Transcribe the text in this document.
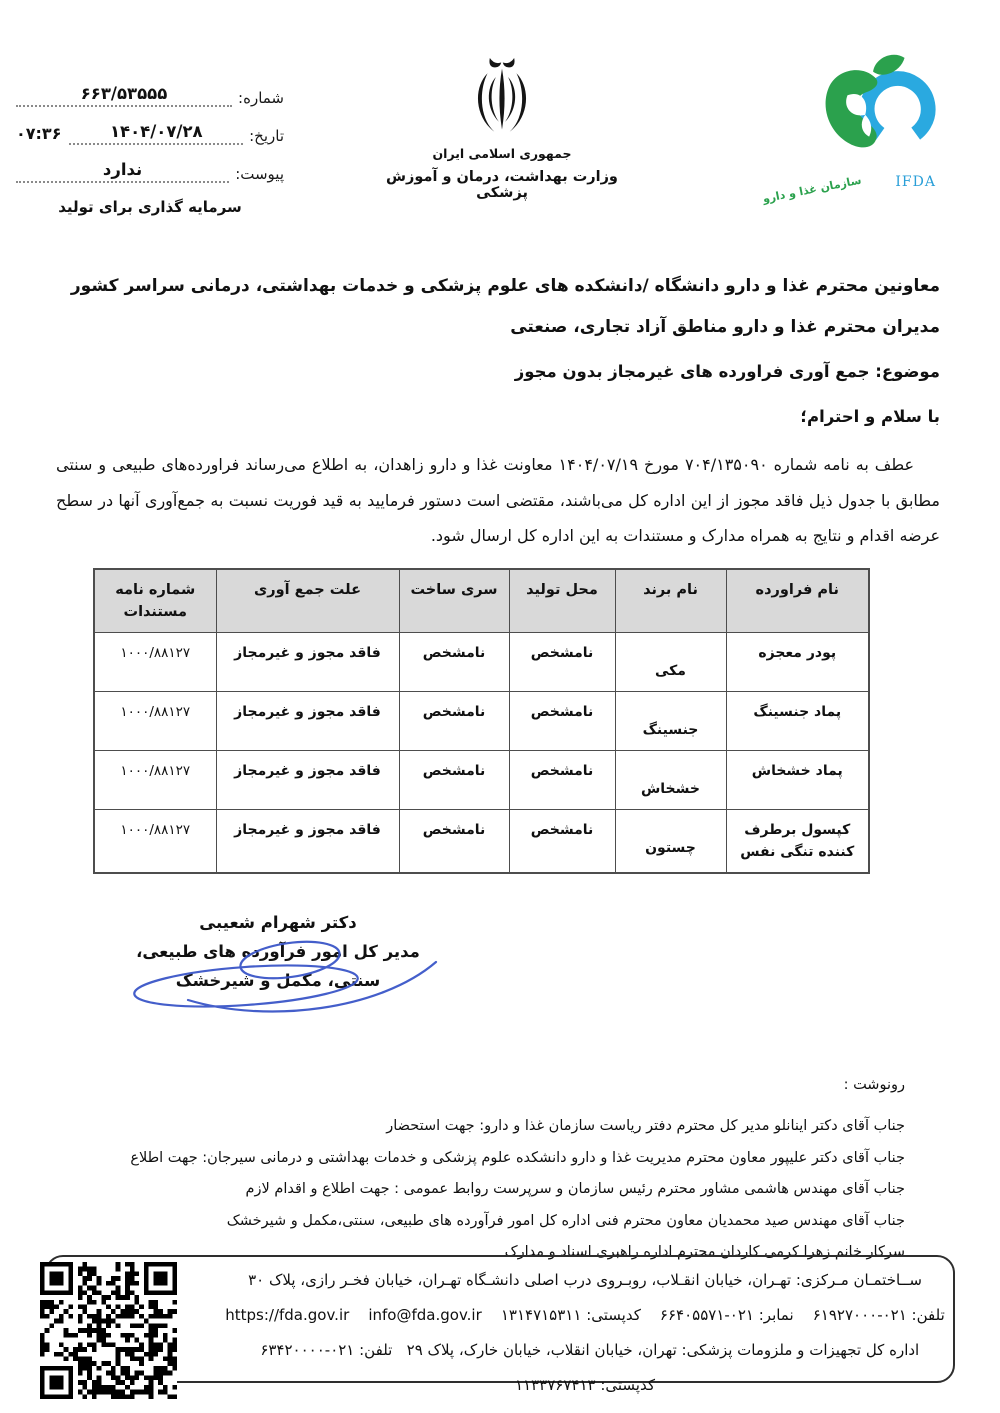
شماره:
۶۶۳/۵۳۵۵۵
تاریخ:
۱۴۰۴/۰۷/۲۸
۰۷:۳۶
پیوست:
ندارد
سرمایه گذاری برای تولید
جمهوری اسلامی ایران
وزارت بهداشت، درمان و آموزش پزشکی
IFDA
سازمان غذا و دارو
معاونین محترم غذا و دارو دانشگاه /دانشکده های علوم پزشکی و خدمات بهداشتی، درمانی سراسر کشور
مدیران محترم غذا و دارو مناطق آزاد تجاری، صنعتی
موضوع: جمع آوری فراورده های غیرمجاز بدون مجوز
با سلام و احترام؛
عطف به نامه شماره ۷۰۴/۱۳۵۰۹۰ مورخ ۱۴۰۴/۰۷/۱۹ معاونت غذا و دارو زاهدان، به اطلاع می‌رساند فراورده‌های طبیعی و سنتی مطابق با جدول ذیل فاقد مجوز از این اداره کل می‌باشند، مقتضی است دستور فرمایید به قید فوریت نسبت به جمع‌آوری آنها در سطح عرضه اقدام و نتایج به همراه مدارک و مستندات به این اداره کل ارسال شود.
نام فراورده	نام برند	محل تولید	سری ساخت	علت جمع آوری	شماره نامه مستندات
پودر معجزه	مکی	نامشخص	نامشخص	فاقد مجوز و غیرمجاز	۱۰۰۰/۸۸۱۲۷
پماد جنسینگ	جنسینگ	نامشخص	نامشخص	فاقد مجوز و غیرمجاز	۱۰۰۰/۸۸۱۲۷
پماد خشخاش	خشخاش	نامشخص	نامشخص	فاقد مجوز و غیرمجاز	۱۰۰۰/۸۸۱۲۷
کپسول برطرف کننده تنگی نفس	چستون	نامشخص	نامشخص	فاقد مجوز و غیرمجاز	۱۰۰۰/۸۸۱۲۷
دکتر شهرام شعیبی
مدیر کل امور فرآورده های طبیعی،
سنتی، مکمل و شیرخشک
رونوشت :
جناب آقای دکتر اینانلو مدیر کل محترم دفتر ریاست سازمان غذا و دارو: جهت استحضار
جناب آقای دکتر علیپور معاون محترم مدیریت غذا و دارو دانشکده علوم پزشکی و خدمات بهداشتی و درمانی سیرجان: جهت اطلاع
جناب آقای مهندس هاشمی مشاور محترم رئیس سازمان و سرپرست روابط عمومی : جهت اطلاع و اقدام لازم
جناب آقای مهندس صید محمدیان معاون محترم فنی اداره کل امور فرآورده های طبیعی، سنتی،مکمل و شیرخشک
سرکار خانم زهرا کرمی کاردان محترم اداره راهبری اسناد و مدارک
ســاختمـان مـرکزی: تهـران، خیابان انقـلاب، روبـروی درب اصلی دانشـگاه تهـران، خیابان فخـر رازی، پلاک ۳۰
تلفن: ۰۲۱-۶۱۹۲۷۰۰۰    نمابر: ۰۲۱-۶۶۴۰۵۵۷۱    کدپستی: ۱۳۱۴۷۱۵۳۱۱    https://fda.gov.ir    info@fda.gov.ir
اداره کل تجهیزات و ملزومات پزشکی: تهران، خیابان انقلاب، خیابان خارک، پلاک ۲۹   تلفن: ۰۲۱-۶۳۴۲۰۰۰۰   کدپستی: ۱۱۳۳۷۶۷۴۱۳
